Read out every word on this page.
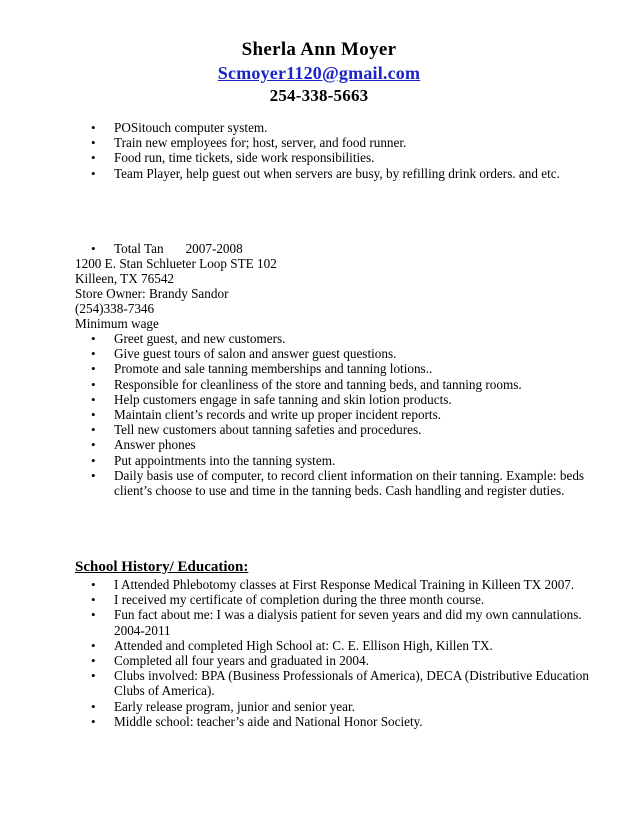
Sherla Ann Moyer
Scmoyer1120@gmail.com
254-338-5663
• POSitouch computer system.
• Train new employees for; host, server, and food runner.
• Food run, time tickets, side work responsibilities.
• Team Player, help guest out when servers are busy, by refilling drink orders. and etc.
• Total Tan 2007-2008
1200 E. Stan Schlueter Loop STE 102
Killeen, TX 76542
Store Owner: Brandy Sandor
(254)338-7346
Minimum wage
• Greet guest, and new customers.
• Give guest tours of salon and answer guest questions.
• Promote and sale tanning memberships and tanning lotions..
• Responsible for cleanliness of the store and tanning beds, and tanning rooms.
• Help customers engage in safe tanning and skin lotion products.
• Maintain client’s records and write up proper incident reports.
• Tell new customers about tanning safeties and procedures.
• Answer phones
• Put appointments into the tanning system.
• Daily basis use of computer, to record client information on their tanning. Example: beds client’s choose to use and time in the tanning beds. Cash handling and register duties.
School History/ Education:
• I Attended Phlebotomy classes at First Response Medical Training in Killeen TX 2007.
• I received my certificate of completion during the three month course.
• Fun fact about me: I was a dialysis patient for seven years and did my own cannulations. 2004-2011
• Attended and completed High School at: C. E. Ellison High, Killen TX.
• Completed all four years and graduated in 2004.
• Clubs involved: BPA (Business Professionals of America), DECA (Distributive Education Clubs of America).
• Early release program, junior and senior year.
• Middle school: teacher’s aide and National Honor Society.
